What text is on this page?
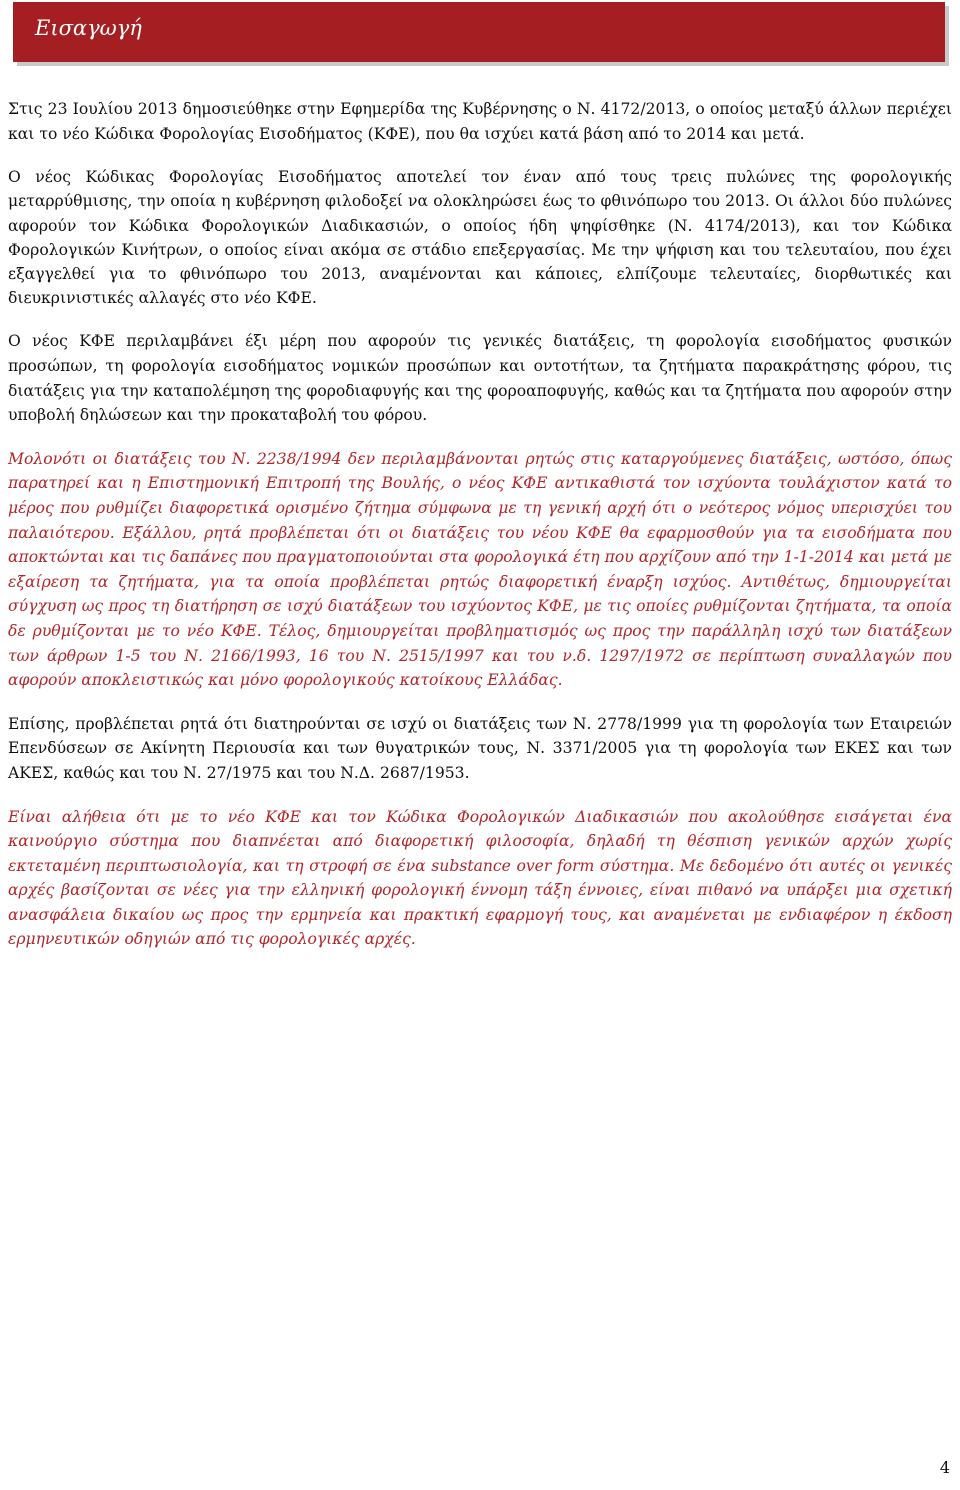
Εισαγωγή

Στις 23 Ιουλίου 2013 δημοσιεύθηκε στην Εφημερίδα της Κυβέρνησης ο Ν. 4172/2013, ο οποίος μεταξύ άλλων περιέχει και το νέο Κώδικα Φορολογίας Εισοδήματος (ΚΦΕ), που θα ισχύει κατά βάση από το 2014 και μετά.

Ο νέος Κώδικας Φορολογίας Εισοδήματος αποτελεί τον έναν από τους τρεις πυλώνες της φορολογικής μεταρρύθμισης, την οποία η κυβέρνηση φιλοδοξεί να ολοκληρώσει έως το φθινόπωρο του 2013. Οι άλλοι δύο πυλώνες αφορούν τον Κώδικα Φορολογικών Διαδικασιών, ο οποίος ήδη ψηφίσθηκε (Ν. 4174/2013), και τον Κώδικα Φορολογικών Κινήτρων, ο οποίος είναι ακόμα σε στάδιο επεξεργασίας. Με την ψήφιση και του τελευταίου, που έχει εξαγγελθεί για το φθινόπωρο του 2013, αναμένονται και κάποιες, ελπίζουμε τελευταίες, διορθωτικές και διευκρινιστικές αλλαγές στο νέο ΚΦΕ.

Ο νέος ΚΦΕ περιλαμβάνει έξι μέρη που αφορούν τις γενικές διατάξεις, τη φορολογία εισοδήματος φυσικών προσώπων, τη φορολογία εισοδήματος νομικών προσώπων και οντοτήτων, τα ζητήματα παρακράτησης φόρου, τις διατάξεις για την καταπολέμηση της φοροδιαφυγής και της φοροαποφυγής, καθώς και τα ζητήματα που αφορούν στην υποβολή δηλώσεων και την προκαταβολή του φόρου.

Μολονότι οι διατάξεις του Ν. 2238/1994 δεν περιλαμβάνονται ρητώς στις καταργούμενες διατάξεις, ωστόσο, όπως παρατηρεί και η Επιστημονική Επιτροπή της Βουλής, ο νέος ΚΦΕ αντικαθιστά τον ισχύοντα τουλάχιστον κατά το μέρος που ρυθμίζει διαφορετικά ορισμένο ζήτημα σύμφωνα με τη γενική αρχή ότι ο νεότερος νόμος υπερισχύει του παλαιότερου. Εξάλλου, ρητά προβλέπεται ότι οι διατάξεις του νέου ΚΦΕ θα εφαρμοσθούν για τα εισοδήματα που αποκτώνται και τις δαπάνες που πραγματοποιούνται στα φορολογικά έτη που αρχίζουν από την 1-1-2014 και μετά με εξαίρεση τα ζητήματα, για τα οποία προβλέπεται ρητώς διαφορετική έναρξη ισχύος. Αντιθέτως, δημιουργείται σύγχυση ως προς τη διατήρηση σε ισχύ διατάξεων του ισχύοντος ΚΦΕ, με τις οποίες ρυθμίζονται ζητήματα, τα οποία δε ρυθμίζονται με το νέο ΚΦΕ. Τέλος, δημιουργείται προβληματισμός ως προς την παράλληλη ισχύ των διατάξεων των άρθρων 1-5 του Ν. 2166/1993, 16 του Ν. 2515/1997 και του ν.δ. 1297/1972 σε περίπτωση συναλλαγών που αφορούν αποκλειστικώς και μόνο φορολογικούς κατοίκους Ελλάδας.

Επίσης, προβλέπεται ρητά ότι διατηρούνται σε ισχύ οι διατάξεις των Ν. 2778/1999 για τη φορολογία των Εταιρειών Επενδύσεων σε Ακίνητη Περιουσία και των θυγατρικών τους, Ν. 3371/2005 για τη φορολογία των ΕΚΕΣ και των ΑΚΕΣ, καθώς και του Ν. 27/1975 και του Ν.Δ. 2687/1953.

Είναι αλήθεια ότι με το νέο ΚΦΕ και τον Κώδικα Φορολογικών Διαδικασιών που ακολούθησε εισάγεται ένα καινούργιο σύστημα που διαπνέεται από διαφορετική φιλοσοφία, δηλαδή τη θέσπιση γενικών αρχών χωρίς εκτεταμένη περιπτωσιολογία, και τη στροφή σε ένα substance over form σύστημα. Με δεδομένο ότι αυτές οι γενικές αρχές βασίζονται σε νέες για την ελληνική φορολογική έννομη τάξη έννοιες, είναι πιθανό να υπάρξει μια σχετική ανασφάλεια δικαίου ως προς την ερμηνεία και πρακτική εφαρμογή τους, και αναμένεται με ενδιαφέρον η έκδοση ερμηνευτικών οδηγιών από τις φορολογικές αρχές.

4
